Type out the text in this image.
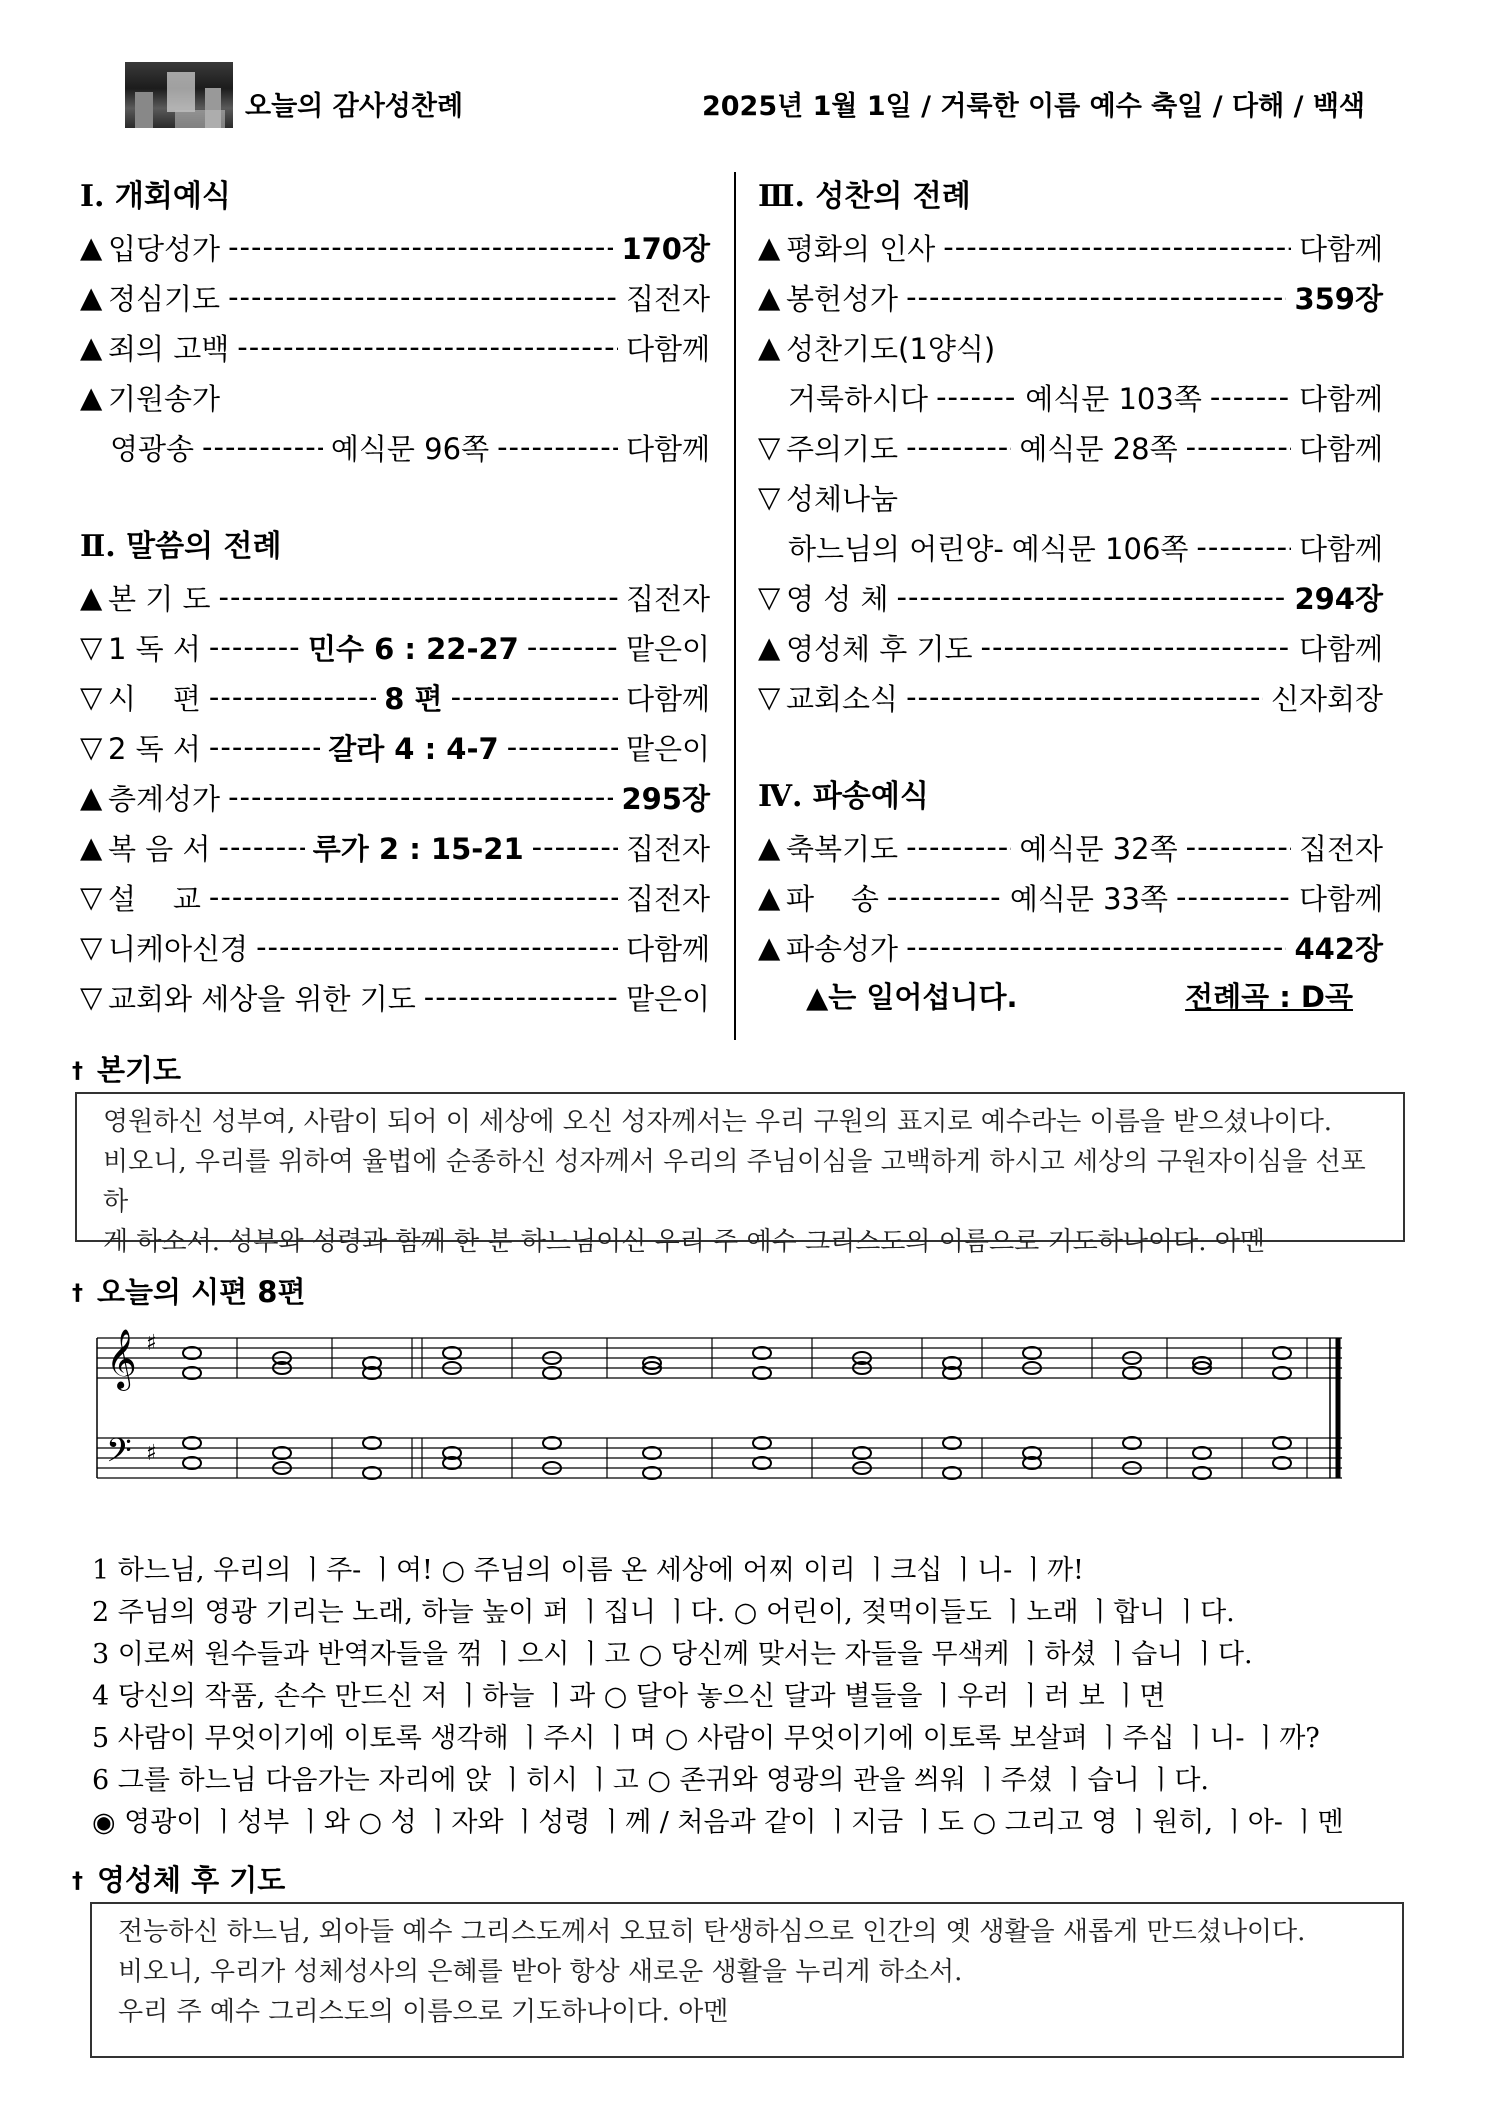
오늘의 감사성찬례	2025년 1월 1일 / 거룩한 이름 예수 축일 / 다해 / 백색
Ⅰ. 개회예식
▲ 입당성가 -----	170장
▲ 정심기도 -----	집전자
▲ 죄의 고백 -----	다함께
▲ 기원송가
영광송 -----	예식문 96쪽 -----	다함께
Ⅱ. 말씀의 전례
▲ 본 기 도 -----	집전자
▽ 1 독 서 -----	민수 6 : 22-27 -----	맡은이
▽ 시    편 -----	8 편 -----	다함께
▽ 2 독 서 -----	갈라 4 : 4-7 -----	맡은이
▲ 층계성가 -----	295장
▲ 복 음 서 -----	루가 2 : 15-21 -----	집전자
▽ 설    교 -----	집전자
▽ 니케아신경 -----	다함께
▽ 교회와 세상을 위한 기도 -----	맡은이
Ⅲ. 성찬의 전례
▲ 평화의 인사 -----	다함께
▲ 봉헌성가 -----	359장
▲ 성찬기도(1양식)
거룩하시다 -----	예식문 103쪽 -----	다함께
▽ 주의기도 -----	예식문 28쪽 -----	다함께
▽ 성체나눔
하느님의 어린양- 예식문 106쪽 -----	다함께
▽ 영 성 체 -----	294장
▲ 영성체 후 기도 -----	다함께
▽ 교회소식 -----	신자회장
Ⅳ. 파송예식
▲ 축복기도 -----	예식문 32쪽 -----	집전자
▲ 파    송 -----	예식문 33쪽 -----	다함께
▲ 파송성가 -----	442장
▲는 일어섭니다.	전례곡 : D곡
† 본기도
영원하신 성부여, 사람이 되어 이 세상에 오신 성자께서는 우리 구원의 표지로 예수라는 이름을 받으셨나이다.
비오니, 우리를 위하여 율법에 순종하신 성자께서 우리의 주님이심을 고백하게 하시고 세상의 구원자이심을 선포하
게 하소서. 성부와 성령과 함께 한 분 하느님이신 우리 주 예수 그리스도의 이름으로 기도하나이다. 아멘
† 오늘의 시편 8편
𝄞
𝄢
♯
♯
1 하느님, 우리의 ㅣ주- ㅣ여! ○ 주님의 이름 온 세상에 어찌 이리 ㅣ크십 ㅣ니- ㅣ까!
2 주님의 영광 기리는 노래, 하늘 높이 퍼 ㅣ집니 ㅣ다. ○ 어린이, 젖먹이들도 ㅣ노래 ㅣ합니 ㅣ다.
3 이로써 원수들과 반역자들을 꺾 ㅣ으시 ㅣ고 ○ 당신께 맞서는 자들을 무색케 ㅣ하셨 ㅣ습니 ㅣ다.
4 당신의 작품, 손수 만드신 저 ㅣ하늘 ㅣ과 ○ 달아 놓으신 달과 별들을 ㅣ우러 ㅣ러 보 ㅣ면
5 사람이 무엇이기에 이토록 생각해 ㅣ주시 ㅣ며 ○ 사람이 무엇이기에 이토록 보살펴 ㅣ주십 ㅣ니- ㅣ까?
6 그를 하느님 다음가는 자리에 앉 ㅣ히시 ㅣ고 ○ 존귀와 영광의 관을 씌워 ㅣ주셨 ㅣ습니 ㅣ다.
◉ 영광이 ㅣ성부 ㅣ와 ○ 성 ㅣ자와 ㅣ성령 ㅣ께 / 처음과 같이 ㅣ지금 ㅣ도 ○ 그리고 영 ㅣ원히, ㅣ아- ㅣ멘
† 영성체 후 기도
전능하신 하느님, 외아들 예수 그리스도께서 오묘히 탄생하심으로 인간의 옛 생활을 새롭게 만드셨나이다.
비오니, 우리가 성체성사의 은혜를 받아 항상 새로운 생활을 누리게 하소서.
우리 주 예수 그리스도의 이름으로 기도하나이다. 아멘
